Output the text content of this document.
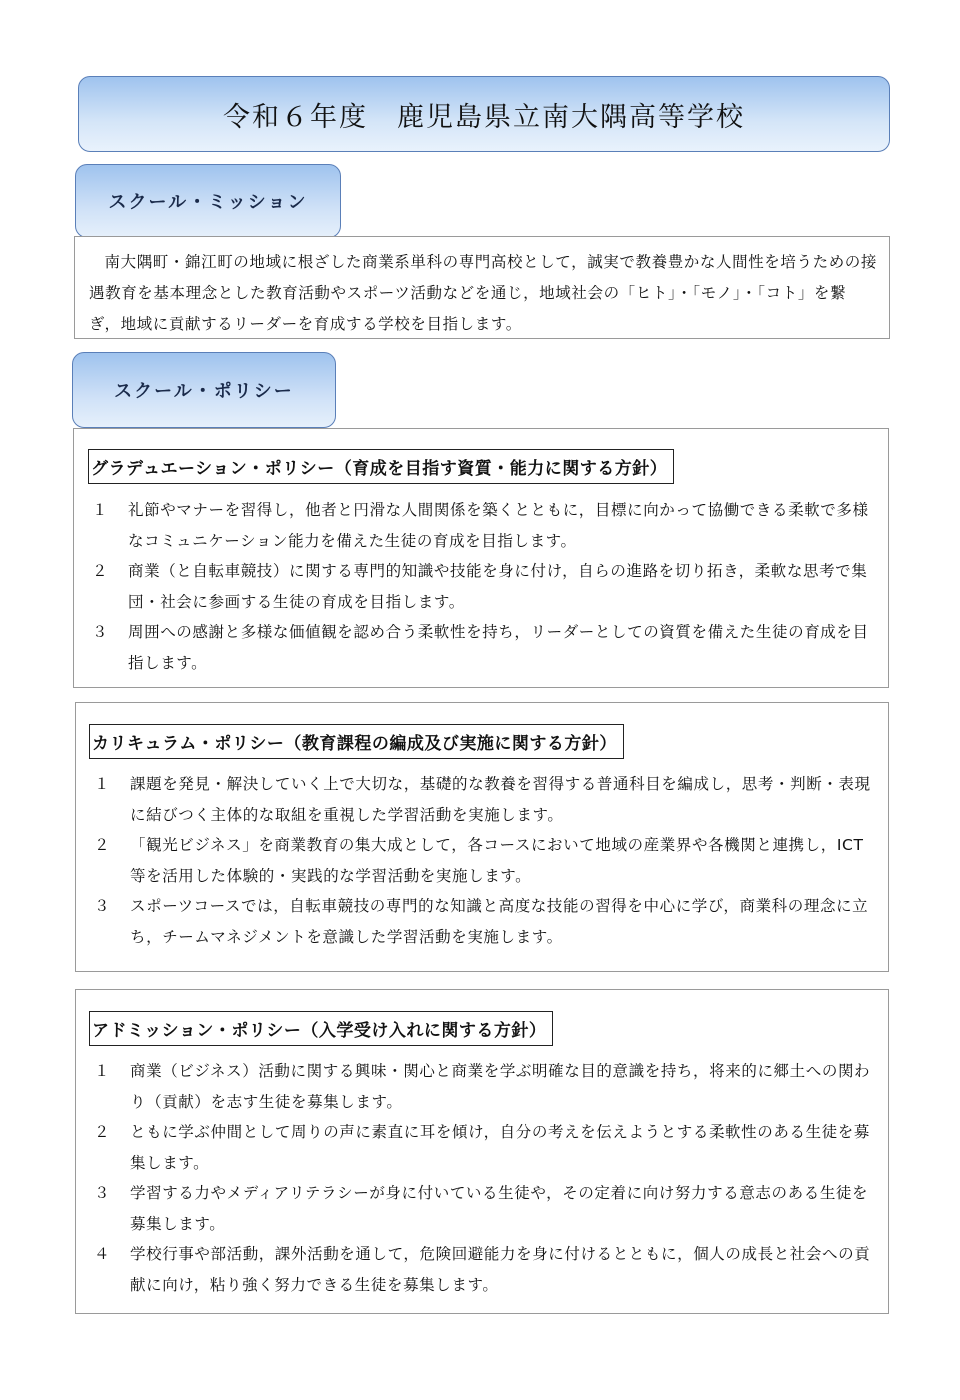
令和６年度　鹿児島県立南大隅高等学校
スクール・ミッション
南大隅町・錦江町の地域に根ざした商業系単科の専門高校として，誠実で教養豊かな人間性を培うための接遇教育を基本理念とした教育活動やスポーツ活動などを通じ，地域社会の「ヒト」・「モノ」・「コト」を繋ぎ，地域に貢献するリーダーを育成する学校を目指します。
スクール・ポリシー
グラデュエーション・ポリシー（育成を目指す資質・能力に関する方針）
１	礼節やマナーを習得し，他者と円滑な人間関係を築くとともに，目標に向かって協働できる柔軟で多様なコミュニケーション能力を備えた生徒の育成を目指します。
２	商業（と自転車競技）に関する専門的知識や技能を身に付け，自らの進路を切り拓き，柔軟な思考で集団・社会に参画する生徒の育成を目指します。
３	周囲への感謝と多様な価値観を認め合う柔軟性を持ち，リーダーとしての資質を備えた生徒の育成を目指します。
カリキュラム・ポリシー（教育課程の編成及び実施に関する方針）
１	課題を発見・解決していく上で大切な，基礎的な教養を習得する普通科目を編成し，思考・判断・表現に結びつく主体的な取組を重視した学習活動を実施します。
２	「観光ビジネス」を商業教育の集大成として，各コースにおいて地域の産業界や各機関と連携し，ICT 等を活用した体験的・実践的な学習活動を実施します。
３	スポーツコースでは，自転車競技の専門的な知識と高度な技能の習得を中心に学び，商業科の理念に立ち，チームマネジメントを意識した学習活動を実施します。
アドミッション・ポリシー（入学受け入れに関する方針）
１	商業（ビジネス）活動に関する興味・関心と商業を学ぶ明確な目的意識を持ち，将来的に郷土への関わり（貢献）を志す生徒を募集します。
２	ともに学ぶ仲間として周りの声に素直に耳を傾け，自分の考えを伝えようとする柔軟性のある生徒を募集します。
３	学習する力やメディアリテラシーが身に付いている生徒や，その定着に向け努力する意志のある生徒を募集します。
４	学校行事や部活動，課外活動を通して，危険回避能力を身に付けるとともに，個人の成長と社会への貢献に向け，粘り強く努力できる生徒を募集します。
